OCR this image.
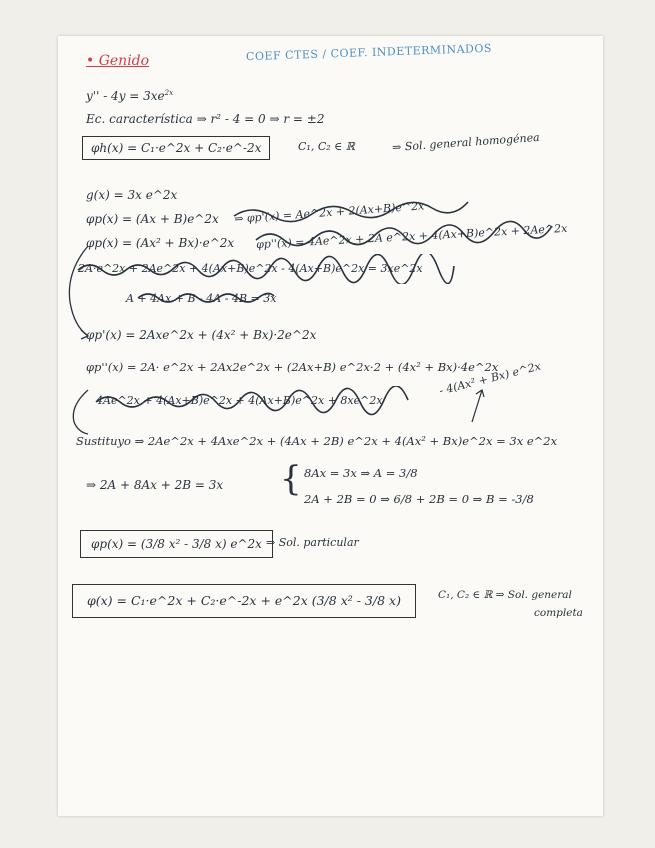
• Genido	COEF CTES / COEF. INDETERMINADOS
$y'' - 4y = 3xe^{2x}$
Ec. característica ⇒ r² - 4 = 0 ⇒ r = ±2
φh(x) = C₁·e^2x + C₂·e^-2x	C₁, C₂ ∈ ℝ	⇒ Sol. general homogénea
g(x) = 3x e^2x
φp(x) = (Ax + B)e^2x ⇒ φp'(x) = Ae^2x + 2(Ax+B)e^2x
φp(x) = (Ax² + Bx)·e^2x φp''(x) = 4Ae^2x + 2A e^2x + 4(Ax+B)e^2x + 2Ae^2x
2A·e^2x + 2Ae^2x + 4(Ax+B)e^2x - 4(Ax+B)e^2x = 3xe^2x
A + 4Ax + B - 4A - 4B = 3x
φp'(x) = 2Axe^2x + (4x² + Bx)·2e^2x
φp''(x) = 2A· e^2x + 2Ax2e^2x + (2Ax+B) e^2x·2 + (4x² + Bx)·4e^2x
4Ae^2x + 4(Ax+B)e^2x + 4(Ax+B)e^2x + 8xe^2x
- 4(Ax² + Bx) e^2x
Sustituyo ⇒ 2Ae^2x + 4Axe^2x + (4Ax + 2B) e^2x + 4(Ax² + Bx)e^2x = 3x e^2x
⇒ 2A + 8Ax + 2B = 3x { 8Ax = 3x ⇒ A = 3/8
2A + 2B = 0 ⇒ 6/8 + 2B = 0 ⇒ B = -3/8
φp(x) = (3/8 x² - 3/8 x) e^2x ⇒ Sol. particular
φ(x) = C₁·e^2x + C₂·e^-2x + e^2x (3/8 x² - 3/8 x)	C₁, C₂ ∈ ℝ ⇒ Sol. general
completa
